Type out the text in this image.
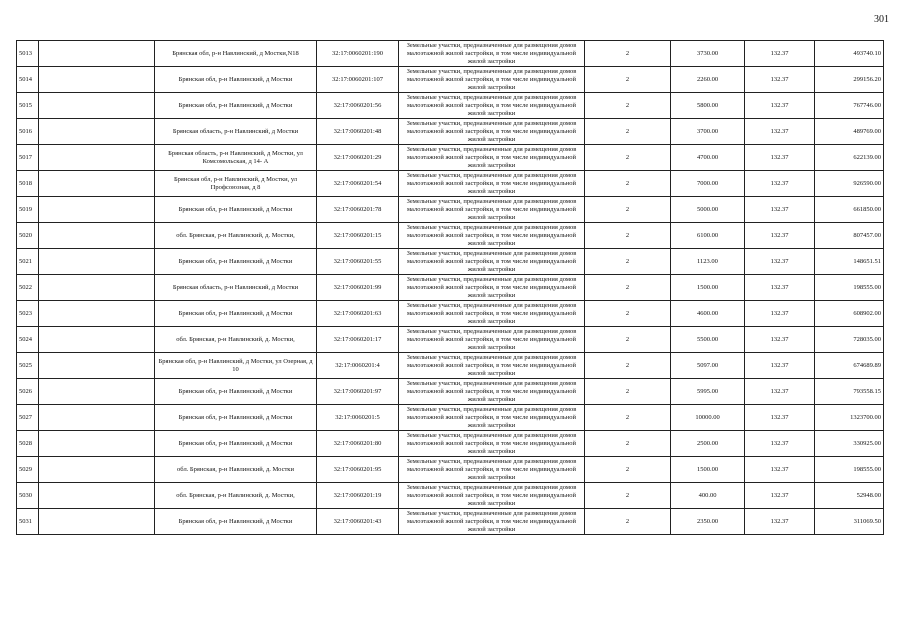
301
5013		Брянская обл, р-н Навлинский, д Мостки,N18	32:17:0060201:190	Земельные участки, предназначенные для размещения домов малоэтажной жилой застройки, в том числе индивидуальной жилой застройки	2	3730.00	132.37	493740.10
5014		Брянская обл, р-н Навлинский, д Мостки	32:17:0060201:107	Земельные участки, предназначенные для размещения домов малоэтажной жилой застройки, в том числе индивидуальной жилой застройки	2	2260.00	132.37	299156.20
5015		Брянская обл, р-н Навлинский, д Мостки	32:17:0060201:56	Земельные участки, предназначенные для размещения домов малоэтажной жилой застройки, в том числе индивидуальной жилой застройки	2	5800.00	132.37	767746.00
5016		Брянская область, р-н Навлинский, д Мостки	32:17:0060201:48	Земельные участки, предназначенные для размещения домов малоэтажной жилой застройки, в том числе индивидуальной жилой застройки	2	3700.00	132.37	489769.00
5017		Брянская область, р-н Навлинский, д Мостки, ул Комсомольская, д 14- А	32:17:0060201:29	Земельные участки, предназначенные для размещения домов малоэтажной жилой застройки, в том числе индивидуальной жилой застройки	2	4700.00	132.37	622139.00
5018		Брянская обл, р-н Навлинский, д Мостки, ул Профсоюзная, д 8	32:17:0060201:54	Земельные участки, предназначенные для размещения домов малоэтажной жилой застройки, в том числе индивидуальной жилой застройки	2	7000.00	132.37	926590.00
5019		Брянская обл, р-н Навлинский, д Мостки	32:17:0060201:78	Земельные участки, предназначенные для размещения домов малоэтажной жилой застройки, в том числе индивидуальной жилой застройки	2	5000.00	132.37	661850.00
5020		обл. Брянская, р-н Навлинский, д. Мостки,	32:17:0060201:15	Земельные участки, предназначенные для размещения домов малоэтажной жилой застройки, в том числе индивидуальной жилой застройки	2	6100.00	132.37	807457.00
5021		Брянская обл, р-н Навлинский, д Мостки	32:17:0060201:55	Земельные участки, предназначенные для размещения домов малоэтажной жилой застройки, в том числе индивидуальной жилой застройки	2	1123.00	132.37	148651.51
5022		Брянская область, р-н Навлинский, д Мостки	32:17:0060201:99	Земельные участки, предназначенные для размещения домов малоэтажной жилой застройки, в том числе индивидуальной жилой застройки	2	1500.00	132.37	198555.00
5023		Брянская обл, р-н Навлинский, д Мостки	32:17:0060201:63	Земельные участки, предназначенные для размещения домов малоэтажной жилой застройки, в том числе индивидуальной жилой застройки	2	4600.00	132.37	608902.00
5024		обл. Брянская, р-н Навлинский, д. Мостки,	32:17:0060201:17	Земельные участки, предназначенные для размещения домов малоэтажной жилой застройки, в том числе индивидуальной жилой застройки	2	5500.00	132.37	728035.00
5025		Брянская обл, р-н Навлинский, д Мостки, ул Озерная, д 10	32:17:0060201:4	Земельные участки, предназначенные для размещения домов малоэтажной жилой застройки, в том числе индивидуальной жилой застройки	2	5097.00	132.37	674689.89
5026		Брянская обл, р-н Навлинский, д Мостки	32:17:0060201:97	Земельные участки, предназначенные для размещения домов малоэтажной жилой застройки, в том числе индивидуальной жилой застройки	2	5995.00	132.37	793558.15
5027		Брянская обл, р-н Навлинский, д Мостки	32:17:0060201:5	Земельные участки, предназначенные для размещения домов малоэтажной жилой застройки, в том числе индивидуальной жилой застройки	2	10000.00	132.37	1323700.00
5028		Брянская обл, р-н Навлинский, д Мостки	32:17:0060201:80	Земельные участки, предназначенные для размещения домов малоэтажной жилой застройки, в том числе индивидуальной жилой застройки	2	2500.00	132.37	330925.00
5029		обл. Брянская, р-н Навлинский, д. Мостки	32:17:0060201:95	Земельные участки, предназначенные для размещения домов малоэтажной жилой застройки, в том числе индивидуальной жилой застройки	2	1500.00	132.37	198555.00
5030		обл. Брянская, р-н Навлинский, д. Мостки,	32:17:0060201:19	Земельные участки, предназначенные для размещения домов малоэтажной жилой застройки, в том числе индивидуальной жилой застройки	2	400.00	132.37	52948.00
5031		Брянская обл, р-н Навлинский, д Мостки	32:17:0060201:43	Земельные участки, предназначенные для размещения домов малоэтажной жилой застройки, в том числе индивидуальной жилой застройки	2	2350.00	132.37	311069.50
